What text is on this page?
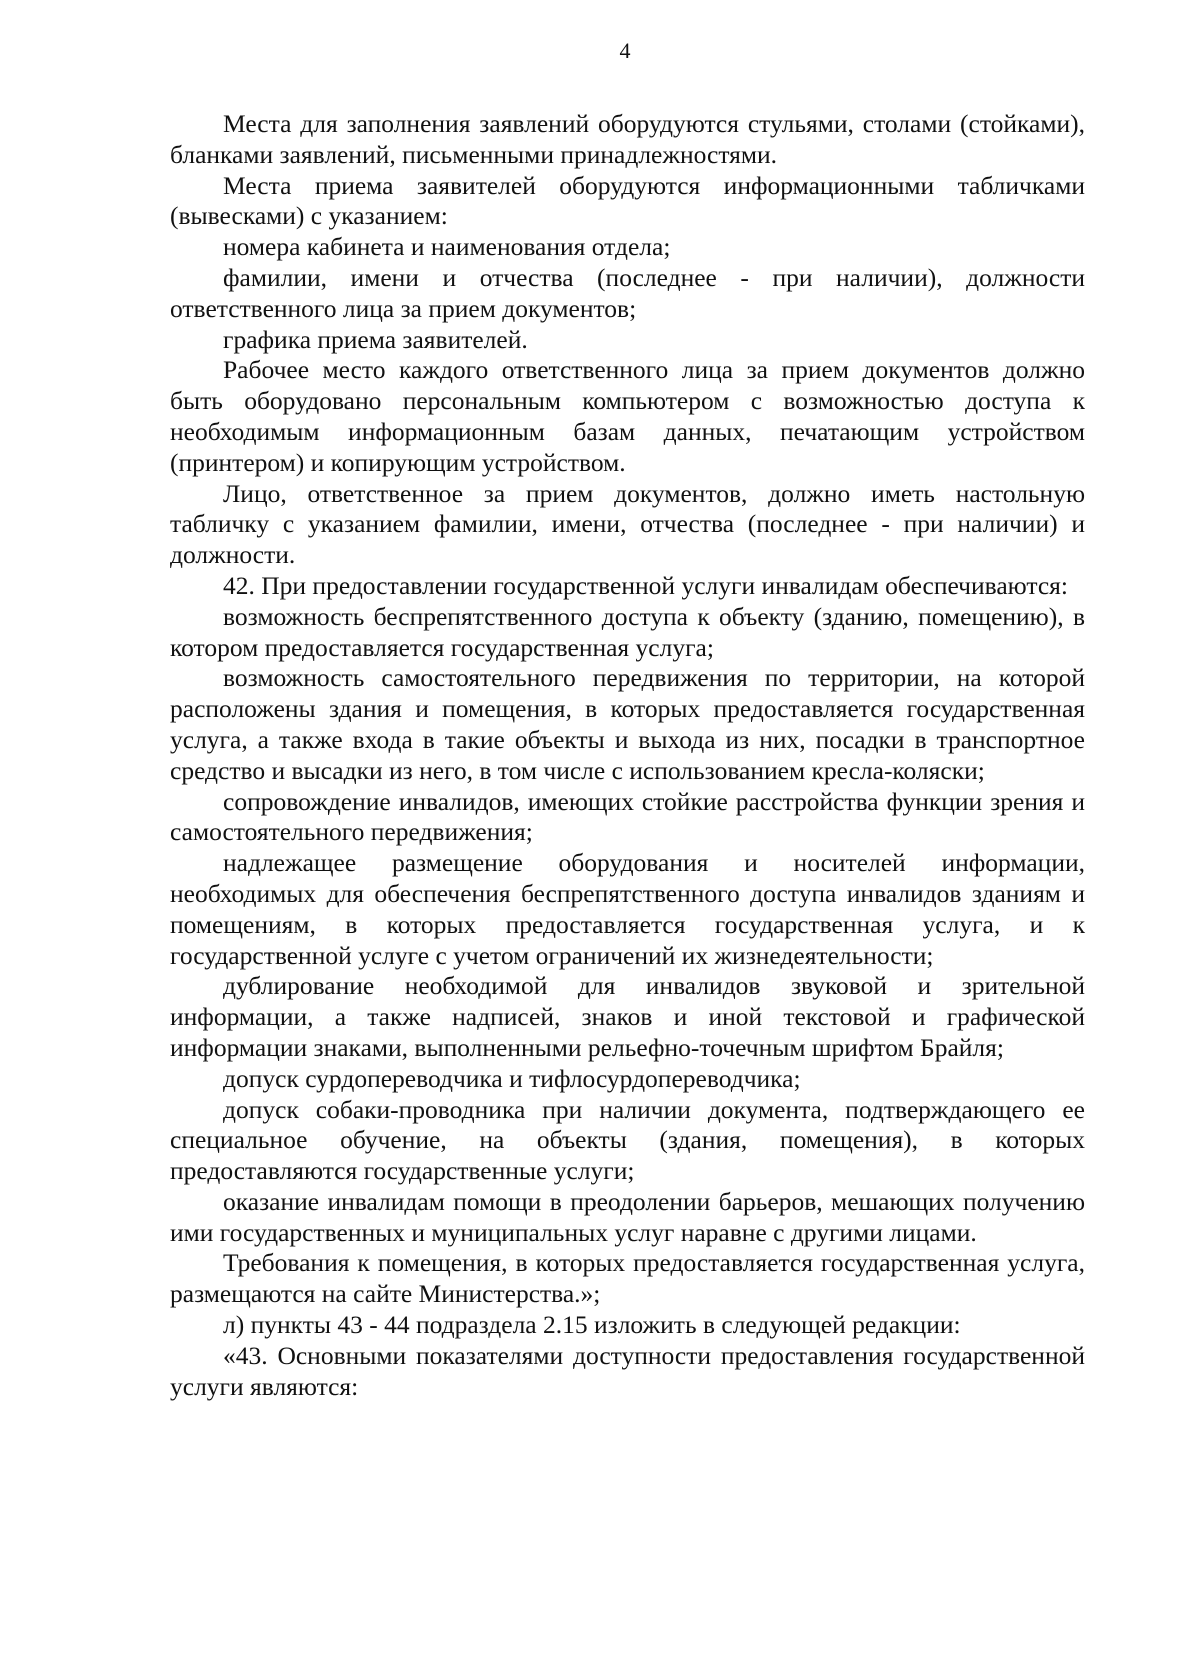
4

Места для заполнения заявлений оборудуются стульями, столами (стойками), бланками заявлений, письменными принадлежностями.

Места приема заявителей оборудуются информационными табличками (вывесками) с указанием:

номера кабинета и наименования отдела;

фамилии, имени и отчества (последнее - при наличии), должности ответственного лица за прием документов;

графика приема заявителей.

Рабочее место каждого ответственного лица за прием документов должно быть оборудовано персональным компьютером с возможностью доступа к необходимым информационным базам данных, печатающим устройством (принтером) и копирующим устройством.

Лицо, ответственное за прием документов, должно иметь настольную табличку с указанием фамилии, имени, отчества (последнее - при наличии) и должности.

42. При предоставлении государственной услуги инвалидам обеспечиваются:

возможность беспрепятственного доступа к объекту (зданию, помещению), в котором предоставляется государственная услуга;

возможность самостоятельного передвижения по территории, на которой расположены здания и помещения, в которых предоставляется государственная услуга, а также входа в такие объекты и выхода из них, посадки в транспортное средство и высадки из него, в том числе с использованием кресла-коляски;

сопровождение инвалидов, имеющих стойкие расстройства функции зрения и самостоятельного передвижения;

надлежащее размещение оборудования и носителей информации, необходимых для обеспечения беспрепятственного доступа инвалидов зданиям и помещениям, в которых предоставляется государственная услуга, и к государственной услуге с учетом ограничений их жизнедеятельности;

дублирование необходимой для инвалидов звуковой и зрительной информации, а также надписей, знаков и иной текстовой и графической информации знаками, выполненными рельефно-точечным шрифтом Брайля;

допуск сурдопереводчика и тифлосурдопереводчика;

допуск собаки-проводника при наличии документа, подтверждающего ее специальное обучение, на объекты (здания, помещения), в которых предоставляются государственные услуги;

оказание инвалидам помощи в преодолении барьеров, мешающих получению ими государственных и муниципальных услуг наравне с другими лицами.

Требования к помещения, в которых предоставляется государственная услуга, размещаются на сайте Министерства.»;

л) пункты 43 - 44 подраздела 2.15 изложить в следующей редакции:

«43. Основными показателями доступности предоставления государственной услуги являются:
